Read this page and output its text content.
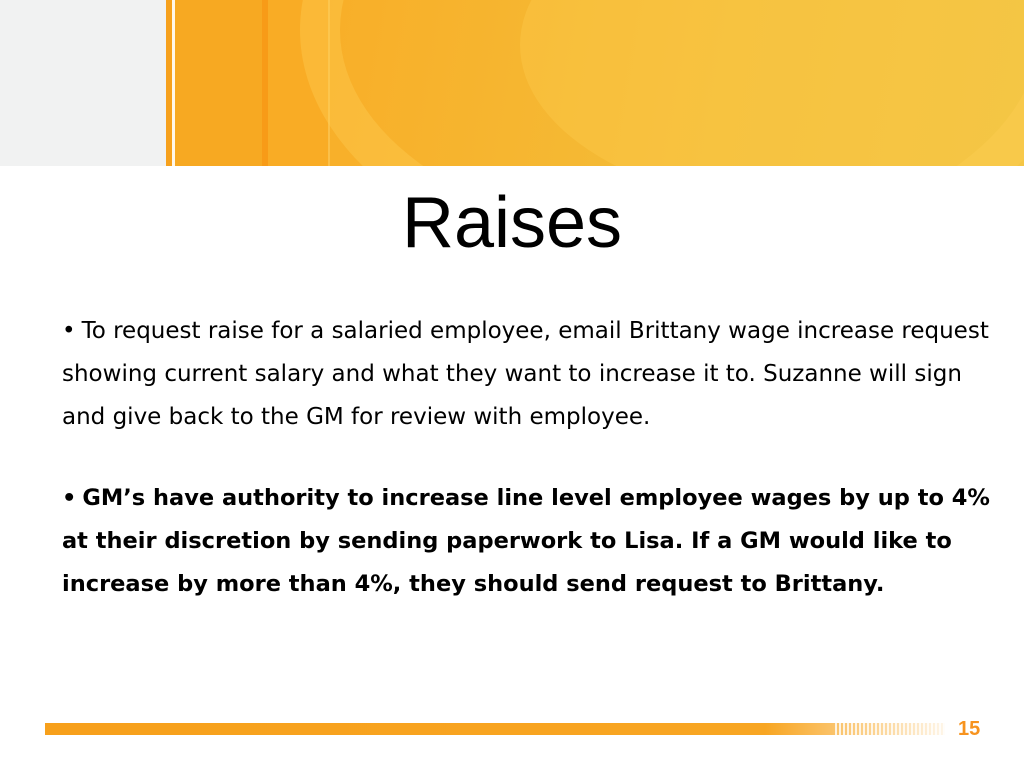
Raises

• To request raise for a salaried employee, email Brittany wage increase request showing current salary and what they want to increase it to. Suzanne will sign and give back to the GM for review with employee.

• GM’s have authority to increase line level employee wages by up to 4% at their discretion by sending paperwork to Lisa. If a GM would like to increase by more than 4%, they should send request to Brittany.

15
